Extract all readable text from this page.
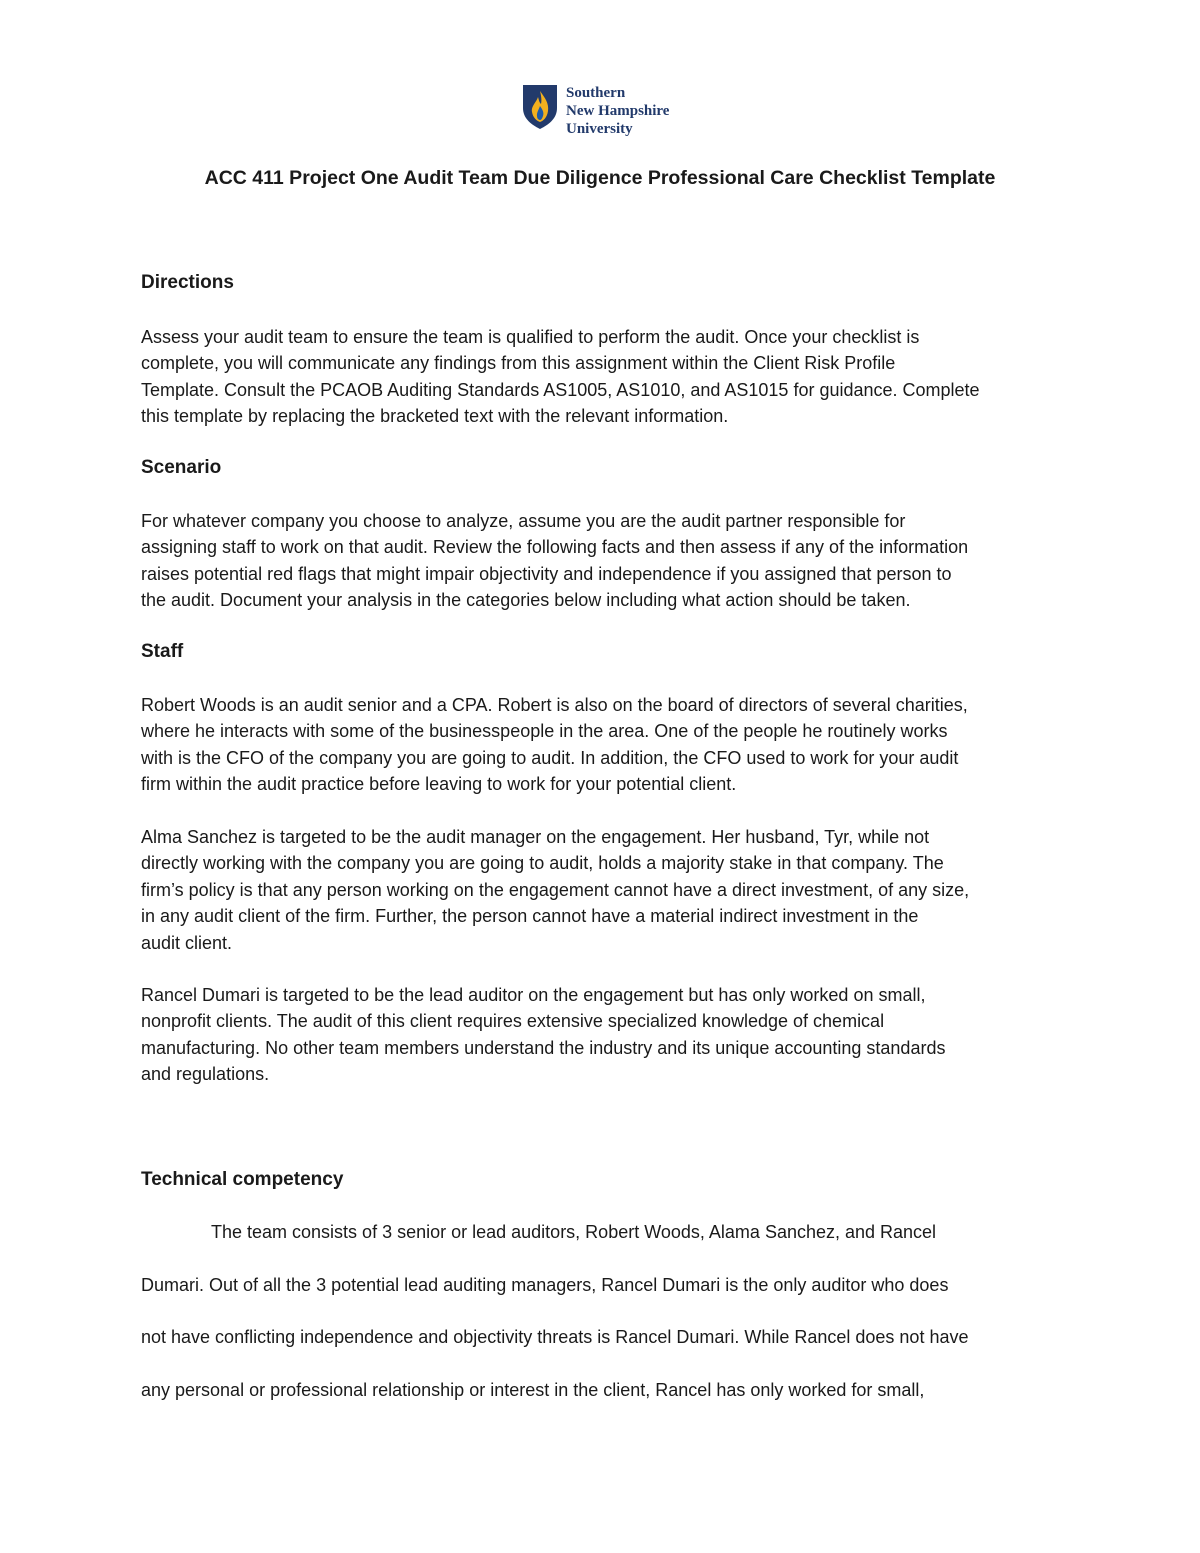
Southern
New Hampshire
University
ACC 411 Project One Audit Team Due Diligence Professional Care Checklist Template
Directions
Assess your audit team to ensure the team is qualified to perform the audit. Once your checklist is
complete, you will communicate any findings from this assignment within the Client Risk Profile
Template. Consult the PCAOB Auditing Standards AS1005, AS1010, and AS1015 for guidance. Complete
this template by replacing the bracketed text with the relevant information.
Scenario
For whatever company you choose to analyze, assume you are the audit partner responsible for
assigning staff to work on that audit. Review the following facts and then assess if any of the information
raises potential red flags that might impair objectivity and independence if you assigned that person to
the audit. Document your analysis in the categories below including what action should be taken.
Staff
Robert Woods is an audit senior and a CPA. Robert is also on the board of directors of several charities,
where he interacts with some of the businesspeople in the area. One of the people he routinely works
with is the CFO of the company you are going to audit. In addition, the CFO used to work for your audit
firm within the audit practice before leaving to work for your potential client.
Alma Sanchez is targeted to be the audit manager on the engagement. Her husband, Tyr, while not
directly working with the company you are going to audit, holds a majority stake in that company. The
firm’s policy is that any person working on the engagement cannot have a direct investment, of any size,
in any audit client of the firm. Further, the person cannot have a material indirect investment in the
audit client.
Rancel Dumari is targeted to be the lead auditor on the engagement but has only worked on small,
nonprofit clients. The audit of this client requires extensive specialized knowledge of chemical
manufacturing. No other team members understand the industry and its unique accounting standards
and regulations.
Technical competency
The team consists of 3 senior or lead auditors, Robert Woods, Alama Sanchez, and Rancel
Dumari. Out of all the 3 potential lead auditing managers, Rancel Dumari is the only auditor who does
not have conflicting independence and objectivity threats is Rancel Dumari. While Rancel does not have
any personal or professional relationship or interest in the client, Rancel has only worked for small,
